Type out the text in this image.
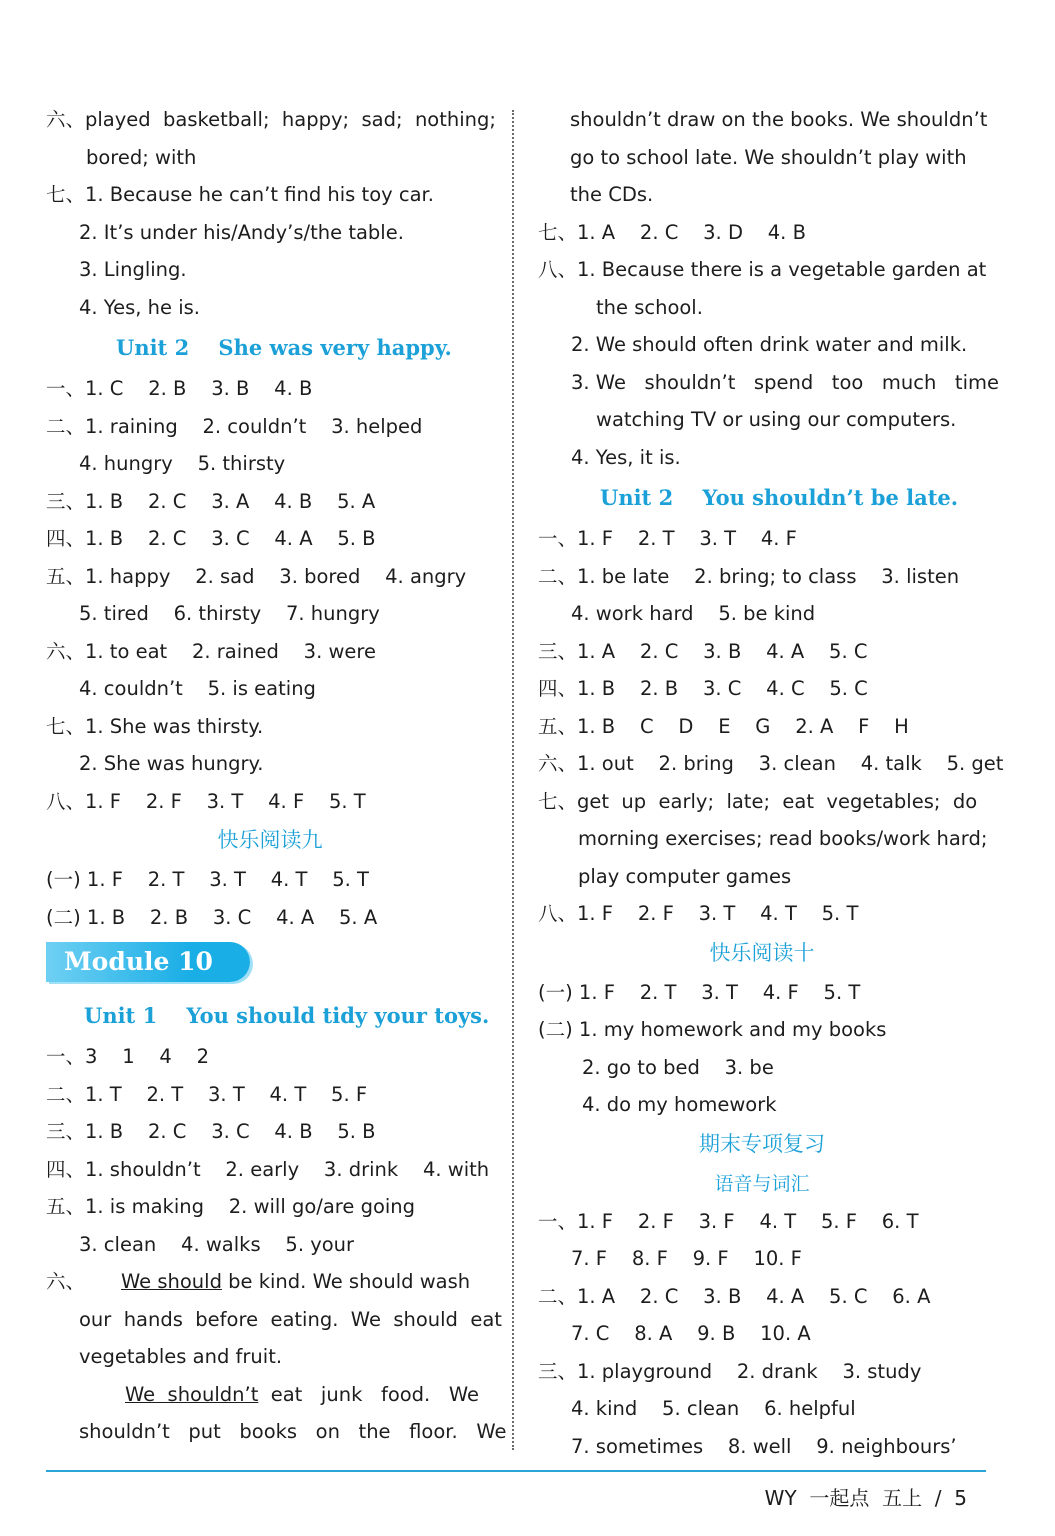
六、played  basketball;  happy;  sad;  nothing;
bored; with
七、1. Because he can’t find his toy car.
2. It’s under his/Andy’s/the table.
3. Lingling.
4. Yes, he is.
Unit 2    She was very happy.
一、1. C    2. B    3. B    4. B
二、1. raining    2. couldn’t    3. helped
4. hungry    5. thirsty
三、1. B    2. C    3. A    4. B    5. A
四、1. B    2. C    3. C    4. A    5. B
五、1. happy    2. sad    3. bored    4. angry
5. tired    6. thirsty    7. hungry
六、1. to eat    2. rained    3. were
4. couldn’t    5. is eating
七、1. She was thirsty.
2. She was hungry.
八、1. F    2. F    3. T    4. F    5. T
快乐阅读九
(一) 1. F    2. T    3. T    4. T    5. T
(二) 1. B    2. B    3. C    4. A    5. A
Module 10
Unit 1    You should tidy your toys.
一、3    1    4    2
二、1. T    2. T    3. T    4. T    5. F
三、1. B    2. C    3. C    4. B    5. B
四、1. shouldn’t    2. early    3. drink    4. with
五、1. is making    2. will go/are going
3. clean    4. walks    5. your
六、 We should be kind. We should wash
our  hands  before  eating.  We  should  eat
vegetables and fruit.
We  shouldn’t  eat   junk   food.   We
shouldn’t   put   books   on   the   floor.   We
shouldn’t draw on the books. We shouldn’t
go to school late. We shouldn’t play with
the CDs.
七、1. A    2. C    3. D    4. B
八、1. Because there is a vegetable garden at
the school.
2. We should often drink water and milk.
3. We   shouldn’t   spend   too   much   time
watching TV or using our computers.
4. Yes, it is.
Unit 2    You shouldn’t be late.
一、1. F    2. T    3. T    4. F
二、1. be late    2. bring; to class    3. listen
4. work hard    5. be kind
三、1. A    2. C    3. B    4. A    5. C
四、1. B    2. B    3. C    4. C    5. C
五、1. B    C    D    E    G    2. A    F    H
六、1. out    2. bring    3. clean    4. talk    5. get
七、get  up  early;  late;  eat  vegetables;  do
morning exercises; read books/work hard;
play computer games
八、1. F    2. F    3. T    4. T    5. T
快乐阅读十
(一) 1. F    2. T    3. T    4. F    5. T
(二) 1. my homework and my books
2. go to bed    3. be
4. do my homework
期末专项复习
语音与词汇
一、1. F    2. F    3. F    4. T    5. F    6. T
7. F    8. F    9. F    10. F
二、1. A    2. C    3. B    4. A    5. C    6. A
7. C    8. A    9. B    10. A
三、1. playground    2. drank    3. study
4. kind    5. clean    6. helpful
7. sometimes    8. well    9. neighbours’
WY  一起点  五上  /  5
